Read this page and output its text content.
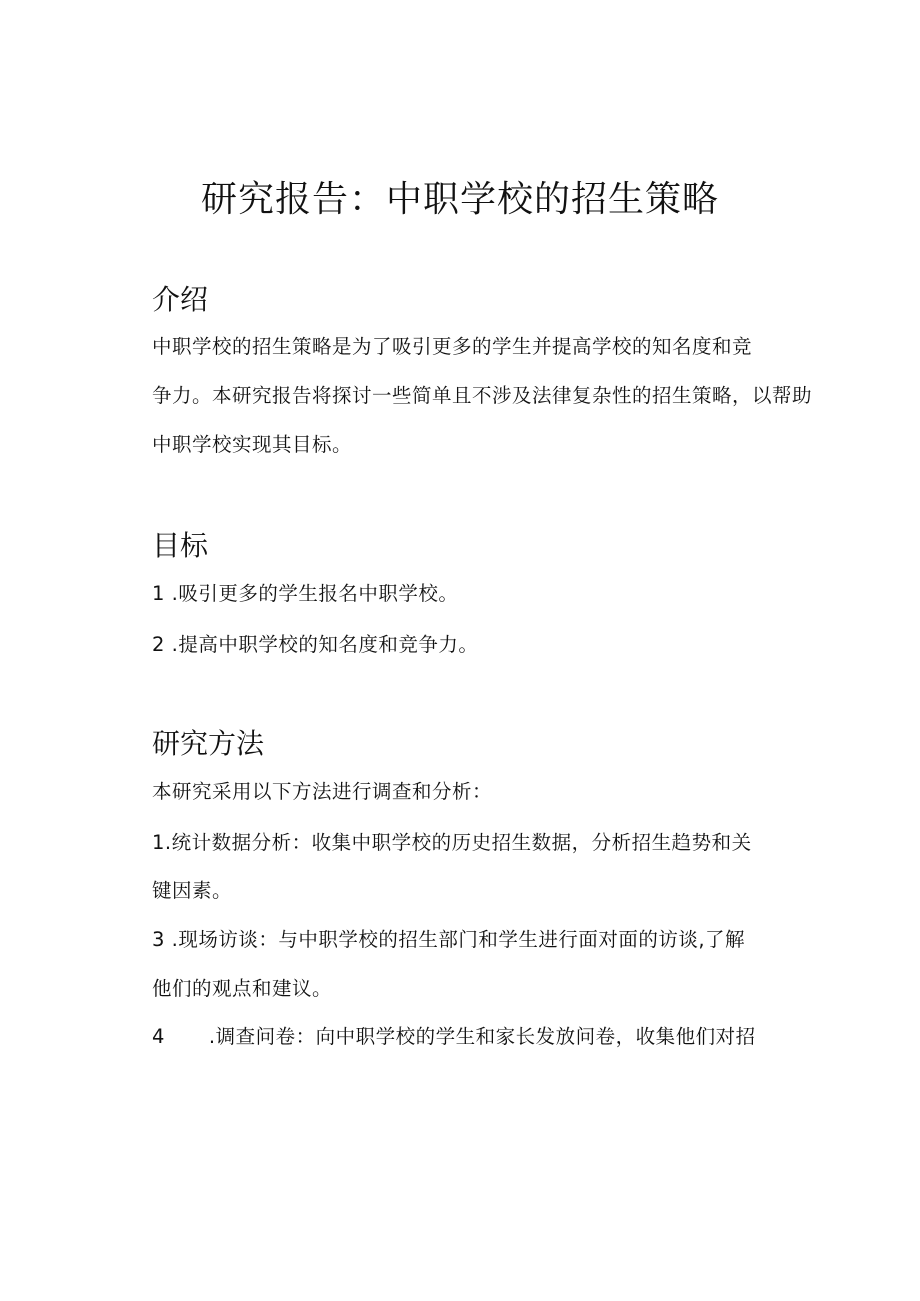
研究报告：中职学校的招生策略
介绍

中职学校的招生策略是为了吸引更多的学生并提高学校的知名度和竞
争力。本研究报告将探讨一些简单且不涉及法律复杂性的招生策略，以帮助
中职学校实现其目标。
目标
1 .吸引更多的学生报名中职学校。
2 .提高中职学校的知名度和竞争力。
研究方法
本研究采用以下方法进行调查和分析：
1.统计数据分析：收集中职学校的历史招生数据，分析招生趋势和关
键因素。
3 .现场访谈：与中职学校的招生部门和学生进行面对面的访谈,了解
他们的观点和建议。
4 .调查问卷：向中职学校的学生和家长发放问卷，收集他们对招
